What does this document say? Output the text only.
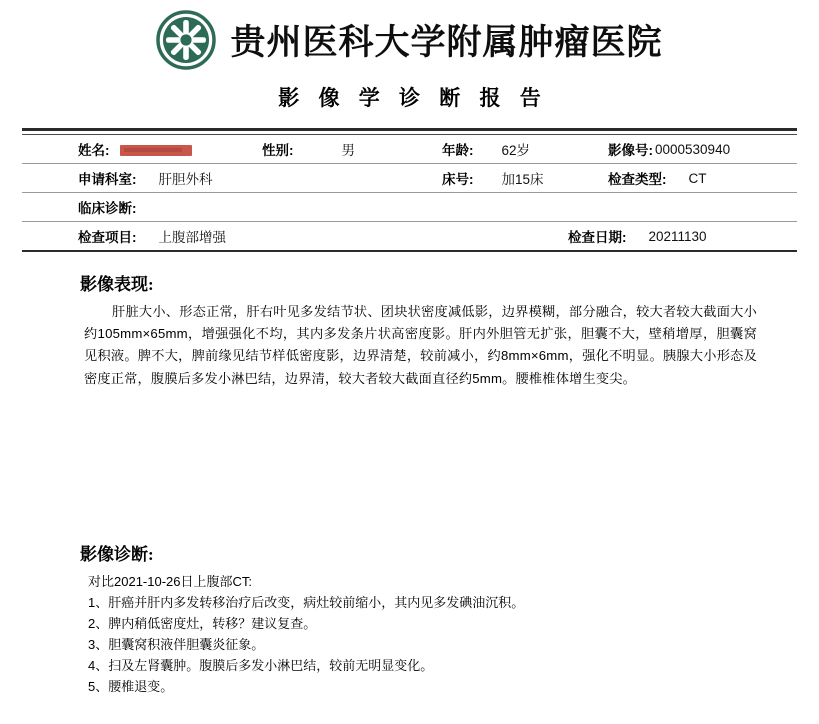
贵州医科大学附属肿瘤医院
影 像 学 诊 断 报 告
姓名:	性别:	男	年龄: 62岁	影像号: 0000530940
申请科室: 肝胆外科	床号: 加15床	检查类型: CT
临床诊断:
检查项目: 上腹部增强	检查日期: 20211130
影像表现:
肝脏大小、形态正常，肝右叶见多发结节状、团块状密度减低影，边界模糊，部分融合，较大者较大截面大小约105mm×65mm，增强强化不均，其内多发条片状高密度影。肝内外胆管无扩张，胆囊不大，壁稍增厚，胆囊窝见积液。脾不大，脾前缘见结节样低密度影，边界清楚，较前减小，约8mm×6mm，强化不明显。胰腺大小形态及密度正常，腹膜后多发小淋巴结，边界清，较大者较大截面直径约5mm。腰椎椎体增生变尖。
影像诊断:
对比2021-10-26日上腹部CT:
1、肝癌并肝内多发转移治疗后改变，病灶较前缩小，其内见多发碘油沉积。
2、脾内稍低密度灶，转移？建议复查。
3、胆囊窝积液伴胆囊炎征象。
4、扫及左肾囊肿。腹膜后多发小淋巴结，较前无明显变化。
5、腰椎退变。
